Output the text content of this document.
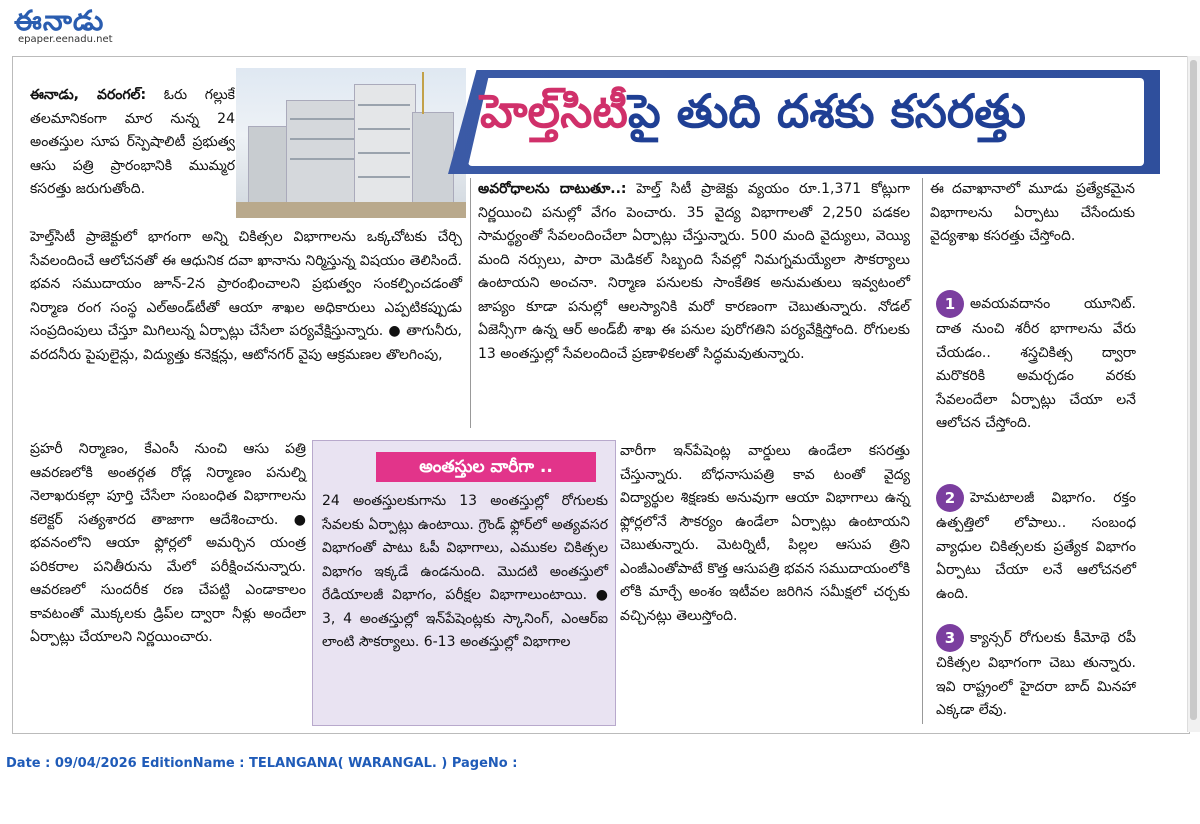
ఈనాడు
epaper.eenadu.net
ఈనాడు, వరంగల్: ఓరు గల్లుకే తలమానికంగా మార నున్న 24 అంతస్తుల సూప ర్‌స్పెషాలిటీ ప్రభుత్వ ఆసు పత్రి ప్రారంభానికి ముమ్మర కసరత్తు జరుగుతోంది.
హెల్త్‌సిటీపై తుది దశకు కసరత్తు
హెల్త్‌సిటీ ప్రాజెక్టులో భాగంగా అన్ని చికిత్సల విభాగాలను ఒక్కచోటకు చేర్చి సేవలందించే ఆలోచనతో ఈ ఆధునిక దవా ఖానాను నిర్మిస్తున్న విషయం తెలిసిందే. భవన సముదాయం జూన్-2న ప్రారంభించాలని ప్రభుత్వం సంకల్పించడంతో నిర్మాణ రంగ సంస్థ ఎల్‌అండ్‌టీతో ఆయా శాఖల అధికారులు ఎప్పటికప్పుడు సంప్రదింపులు చేస్తూ మిగిలున్న ఏర్పాట్లు చేసేలా పర్యవేక్షిస్తున్నారు. ● తాగునీరు, వరదనీరు పైపులైన్లు, విద్యుత్తు కనెక్షన్లు, ఆటోనగర్ వైపు ఆక్రమణల తొలగింపు,
ప్రహరీ నిర్మాణం, కేఎంసీ నుంచి ఆసు పత్రి ఆవరణలోకి అంతర్గత రోడ్ల నిర్మాణం పనుల్ని నెలాఖరుకల్లా పూర్తి చేసేలా సంబంధిత విభాగాలను కలెక్టర్ సత్యశారద తాజాగా ఆదేశించారు. ● భవనంలోని ఆయా ఫ్లోర్లలో అమర్చిన యంత్ర పరికరాల పనితీరును మేలో పరీక్షించనున్నారు. ఆవరణలో సుందరీక రణ చేపట్టి ఎండాకాలం కావటంతో మొక్కలకు డ్రిప్‌ల ద్వారా నీళ్లు అందేలా ఏర్పాట్లు చేయాలని నిర్ణయించారు.
అవరోధాలను దాటుతూ..: హెల్త్ సిటీ ప్రాజెక్టు వ్యయం రూ.1,371 కోట్లుగా నిర్ణయించి పనుల్లో వేగం పెంచారు. 35 వైద్య విభాగాలతో 2,250 పడకల సామర్థ్యంతో సేవలందించేలా ఏర్పాట్లు చేస్తున్నారు. 500 మంది వైద్యులు, వెయ్యి మంది నర్సులు, పారా మెడికల్ సిబ్బంది సేవల్లో నిమగ్నమయ్యేలా సౌకర్యాలు ఉంటాయని అంచనా. నిర్మాణ పనులకు సాంకేతిక అనుమతులు ఇవ్వటంలో జాప్యం కూడా పనుల్లో ఆలస్యానికి మరో కారణంగా చెబుతున్నారు. నోడల్ ఏజెన్సీగా ఉన్న ఆర్ అండ్‌బీ శాఖ ఈ పనుల పురోగతిని పర్యవేక్షిస్తోంది. రోగులకు 13 అంతస్తుల్లో సేవలందించే ప్రణాళికలతో సిద్ధమవుతున్నారు.
అంతస్తుల వారీగా ..
24 అంతస్తులకుగాను 13 అంతస్తుల్లో రోగులకు సేవలకు ఏర్పాట్లు ఉంటాయి. గ్రౌండ్ ఫ్లోర్‌లో అత్యవసర విభాగంతో పాటు ఓపీ విభాగాలు, ఎముకల చికిత్సల విభాగం ఇక్కడే ఉండనుంది. మొదటి అంతస్తులో రేడియాలజీ విభాగం, పరీక్షల విభాగాలుంటాయి. ● 3, 4 అంతస్తుల్లో ఇన్‌పేషెంట్లకు స్కానింగ్, ఎంఆర్‌ఐ లాంటి సౌకర్యాలు. 6-13 అంతస్తుల్లో విభాగాల
వారీగా ఇన్‌పేషెంట్ల వార్డులు ఉండేలా కసరత్తు చేస్తున్నారు. బోధనాసుపత్రి కావ టంతో వైద్య విద్యార్థుల శిక్షణకు అనువుగా ఆయా విభాగాలు ఉన్న ఫ్లోర్లలోనే సౌకర్యం ఉండేలా ఏర్పాట్లు ఉంటాయని చెబుతున్నారు. మెటర్నిటీ, పిల్లల ఆసుప త్రిని ఎంజీఎంతోపాటే కొత్త ఆసుపత్రి భవన సముదాయంలోకి లోకి మార్చే అంశం ఇటీవల జరిగిన సమీక్షలో చర్చకు వచ్చినట్లు తెలుస్తోంది.
ఈ దవాఖానాలో మూడు ప్రత్యేకమైన విభాగాలను ఏర్పాటు చేసేందుకు వైద్యశాఖ కసరత్తు చేస్తోంది.
1 అవయవదానం యూనిట్. దాత నుంచి శరీర భాగాలను వేరు చేయడం.. శస్త్రచికిత్స ద్వారా మరొకరికి అమర్చడం వరకు సేవలందేలా ఏర్పాట్లు చేయా లనే ఆలోచన చేస్తోంది.
2 హెమటాలజీ విభాగం. రక్తం ఉత్పత్తిలో లోపాలు.. సంబంధ వ్యాధుల చికిత్సలకు ప్రత్యేక విభాగం ఏర్పాటు చేయా లనే ఆలోచనలో ఉంది.
3 క్యాన్సర్ రోగులకు కీమోథె రపీ చికిత్సల విభాగంగా చెబు తున్నారు. ఇవి రాష్ట్రంలో హైదరా బాద్ మినహా ఎక్కడా లేవు.
Date : 09/04/2026 EditionName : TELANGANA( WARANGAL. ) PageNo :
